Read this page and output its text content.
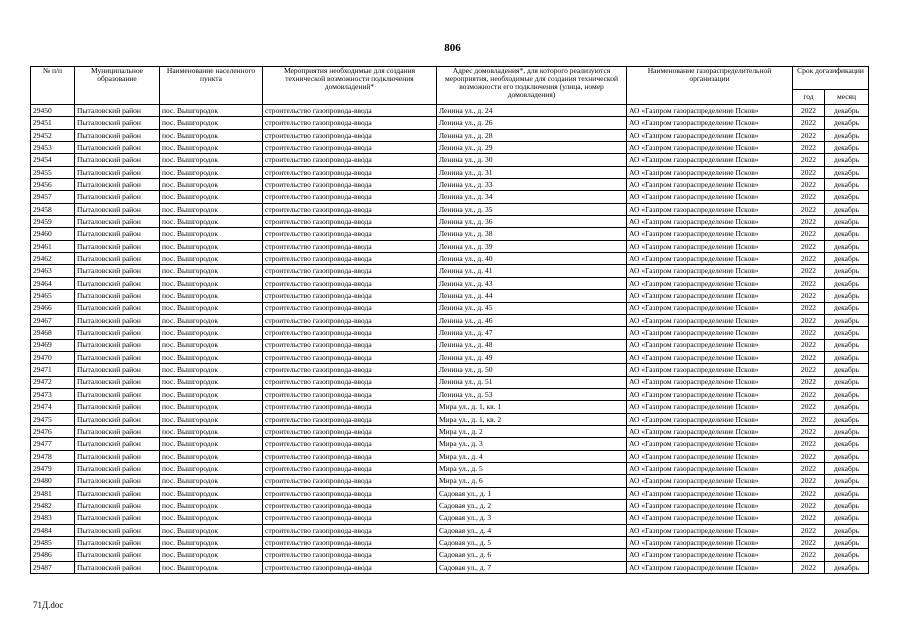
806
№ п/п	Муниципальное образование	Наименование населенного пункта	Мероприятия необходимые для создания технической возможности подключения домовладений*	Адрес домовладения*, для которого реализуются мероприятия, необходимые для создания технической возможности его подключения (улица, номер домовладения)	Наименование газораспределительной организации	Срок догазификации	
						год	месяц
29450	Пыталовский район	пос. Вышгородок	строительство газопровода-ввода	Ленина ул., д. 24	АО «Газпром газораспределение Псков»	2022	декабрь
29451	Пыталовский район	пос. Вышгородок	строительство газопровода-ввода	Ленина ул., д. 26	АО «Газпром газораспределение Псков»	2022	декабрь
29452	Пыталовский район	пос. Вышгородок	строительство газопровода-ввода	Ленина ул., д. 28	АО «Газпром газораспределение Псков»	2022	декабрь
29453	Пыталовский район	пос. Вышгородок	строительство газопровода-ввода	Ленина ул., д. 29	АО «Газпром газораспределение Псков»	2022	декабрь
29454	Пыталовский район	пос. Вышгородок	строительство газопровода-ввода	Ленина ул., д. 30	АО «Газпром газораспределение Псков»	2022	декабрь
29455	Пыталовский район	пос. Вышгородок	строительство газопровода-ввода	Ленина ул., д. 31	АО «Газпром газораспределение Псков»	2022	декабрь
29456	Пыталовский район	пос. Вышгородок	строительство газопровода-ввода	Ленина ул., д. 33	АО «Газпром газораспределение Псков»	2022	декабрь
29457	Пыталовский район	пос. Вышгородок	строительство газопровода-ввода	Ленина ул., д. 34	АО «Газпром газораспределение Псков»	2022	декабрь
29458	Пыталовский район	пос. Вышгородок	строительство газопровода-ввода	Ленина ул., д. 35	АО «Газпром газораспределение Псков»	2022	декабрь
29459	Пыталовский район	пос. Вышгородок	строительство газопровода-ввода	Ленина ул., д. 36	АО «Газпром газораспределение Псков»	2022	декабрь
29460	Пыталовский район	пос. Вышгородок	строительство газопровода-ввода	Ленина ул., д. 38	АО «Газпром газораспределение Псков»	2022	декабрь
29461	Пыталовский район	пос. Вышгородок	строительство газопровода-ввода	Ленина ул., д. 39	АО «Газпром газораспределение Псков»	2022	декабрь
29462	Пыталовский район	пос. Вышгородок	строительство газопровода-ввода	Ленина ул., д. 40	АО «Газпром газораспределение Псков»	2022	декабрь
29463	Пыталовский район	пос. Вышгородок	строительство газопровода-ввода	Ленина ул., д. 41	АО «Газпром газораспределение Псков»	2022	декабрь
29464	Пыталовский район	пос. Вышгородок	строительство газопровода-ввода	Ленина ул., д. 43	АО «Газпром газораспределение Псков»	2022	декабрь
29465	Пыталовский район	пос. Вышгородок	строительство газопровода-ввода	Ленина ул., д. 44	АО «Газпром газораспределение Псков»	2022	декабрь
29466	Пыталовский район	пос. Вышгородок	строительство газопровода-ввода	Ленина ул., д. 45	АО «Газпром газораспределение Псков»	2022	декабрь
29467	Пыталовский район	пос. Вышгородок	строительство газопровода-ввода	Ленина ул., д. 46	АО «Газпром газораспределение Псков»	2022	декабрь
29468	Пыталовский район	пос. Вышгородок	строительство газопровода-ввода	Ленина ул., д. 47	АО «Газпром газораспределение Псков»	2022	декабрь
29469	Пыталовский район	пос. Вышгородок	строительство газопровода-ввода	Ленина ул., д. 48	АО «Газпром газораспределение Псков»	2022	декабрь
29470	Пыталовский район	пос. Вышгородок	строительство газопровода-ввода	Ленина ул., д. 49	АО «Газпром газораспределение Псков»	2022	декабрь
29471	Пыталовский район	пос. Вышгородок	строительство газопровода-ввода	Ленина ул., д. 50	АО «Газпром газораспределение Псков»	2022	декабрь
29472	Пыталовский район	пос. Вышгородок	строительство газопровода-ввода	Ленина ул., д. 51	АО «Газпром газораспределение Псков»	2022	декабрь
29473	Пыталовский район	пос. Вышгородок	строительство газопровода-ввода	Ленина ул., д. 53	АО «Газпром газораспределение Псков»	2022	декабрь
29474	Пыталовский район	пос. Вышгородок	строительство газопровода-ввода	Мира ул., д. 1, кв. 1	АО «Газпром газораспределение Псков»	2022	декабрь
29475	Пыталовский район	пос. Вышгородок	строительство газопровода-ввода	Мира ул., д. 1, кв. 2	АО «Газпром газораспределение Псков»	2022	декабрь
29476	Пыталовский район	пос. Вышгородок	строительство газопровода-ввода	Мира ул., д. 2	АО «Газпром газораспределение Псков»	2022	декабрь
29477	Пыталовский район	пос. Вышгородок	строительство газопровода-ввода	Мира ул., д. 3	АО «Газпром газораспределение Псков»	2022	декабрь
29478	Пыталовский район	пос. Вышгородок	строительство газопровода-ввода	Мира ул., д. 4	АО «Газпром газораспределение Псков»	2022	декабрь
29479	Пыталовский район	пос. Вышгородок	строительство газопровода-ввода	Мира ул., д. 5	АО «Газпром газораспределение Псков»	2022	декабрь
29480	Пыталовский район	пос. Вышгородок	строительство газопровода-ввода	Мира ул., д. 6	АО «Газпром газораспределение Псков»	2022	декабрь
29481	Пыталовский район	пос. Вышгородок	строительство газопровода-ввода	Садовая ул., д. 1	АО «Газпром газораспределение Псков»	2022	декабрь
29482	Пыталовский район	пос. Вышгородок	строительство газопровода-ввода	Садовая ул., д. 2	АО «Газпром газораспределение Псков»	2022	декабрь
29483	Пыталовский район	пос. Вышгородок	строительство газопровода-ввода	Садовая ул., д. 3	АО «Газпром газораспределение Псков»	2022	декабрь
29484	Пыталовский район	пос. Вышгородок	строительство газопровода-ввода	Садовая ул., д. 4	АО «Газпром газораспределение Псков»	2022	декабрь
29485	Пыталовский район	пос. Вышгородок	строительство газопровода-ввода	Садовая ул., д. 5	АО «Газпром газораспределение Псков»	2022	декабрь
29486	Пыталовский район	пос. Вышгородок	строительство газопровода-ввода	Садовая ул., д. 6	АО «Газпром газораспределение Псков»	2022	декабрь
29487	Пыталовский район	пос. Вышгородок	строительство газопровода-ввода	Садовая ул., д. 7	АО «Газпром газораспределение Псков»	2022	декабрь
71Д.doc
